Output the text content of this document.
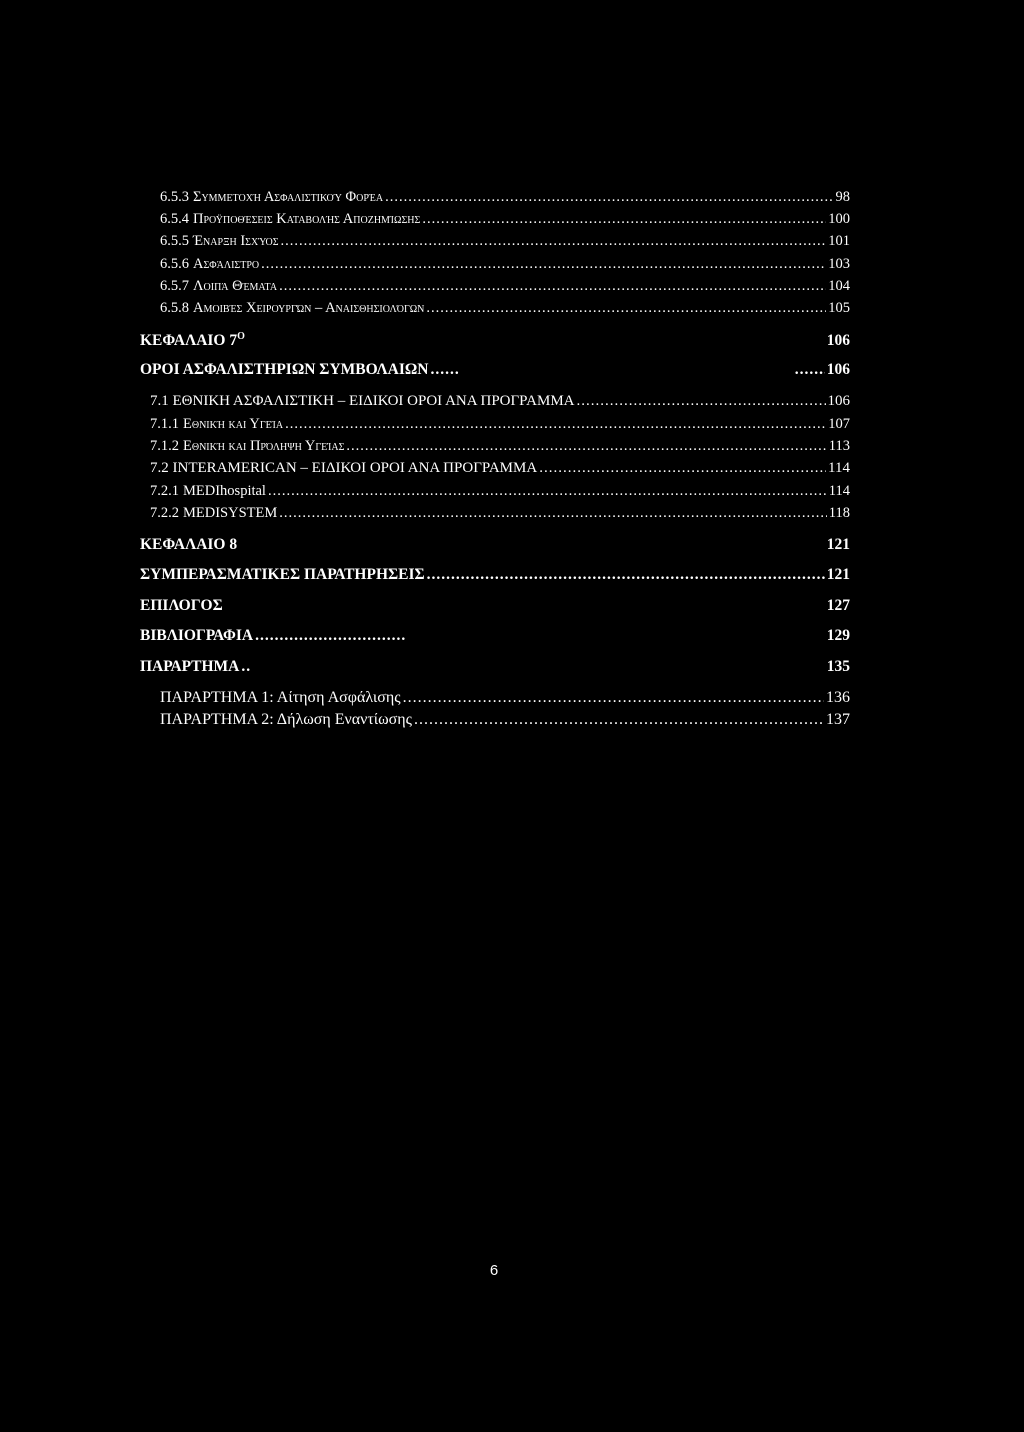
6.5.3 Συμμετοχή Ασφαλιστικού Φορέα .....	98
6.5.4 Προϋποθέσεις Καταβολής Αποζημίωσης .....	100
6.5.5 Έναρξη Ισχύος .....	101
6.5.6 Ασφάλιστρο .....	103
6.5.7 Λοιπά Θέματα .....	104
6.5.8 Αμοιβές Χειρουργών – Αναισθησιολόγων .....	105
ΚΕΦΑΛΑΙΟ $7^O$	106
ΟΡΟΙ ΑΣΦΑΛΙΣΤΗΡΙΩΝ ΣΥΜΒΟΛΑΙΩΝ ..... .....	106
7.1 ΕΘΝΙΚΗ ΑΣΦΑΛΙΣΤΙΚΗ – ΕΙΔΙΚΟΙ ΟΡΟΙ ΑΝΑ ΠΡΟΓΡΑΜΜΑ .....	106
7.1.1 Εθνική και Υγεία .....	107
7.1.2 Εθνική και Πρόληψη Υγείας .....	113
7.2 INTERAMERICAN – ΕΙΔΙΚΟΙ ΟΡΟΙ ΑΝΑ ΠΡΟΓΡΑΜΜΑ .....	114
7.2.1 MEDIhospital .....	114
7.2.2 MEDISYSTEM .....	118
ΚΕΦΑΛΑΙΟ 8	121
ΣΥΜΠΕΡΑΣΜΑΤΙΚΕΣ ΠΑΡΑΤΗΡΗΣΕΙΣ .....	121
ΕΠΙΛΟΓΟΣ	127
ΒΙΒΛΙΟΓΡΑΦΙΑ .....	129
ΠΑΡΑΡΤΗΜΑ .....	135
ΠΑΡΑΡΤΗΜΑ 1: Αίτηση Ασφάλισης .....	136
ΠΑΡΑΡΤΗΜΑ 2: Δήλωση Εναντίωσης .....	137
6
